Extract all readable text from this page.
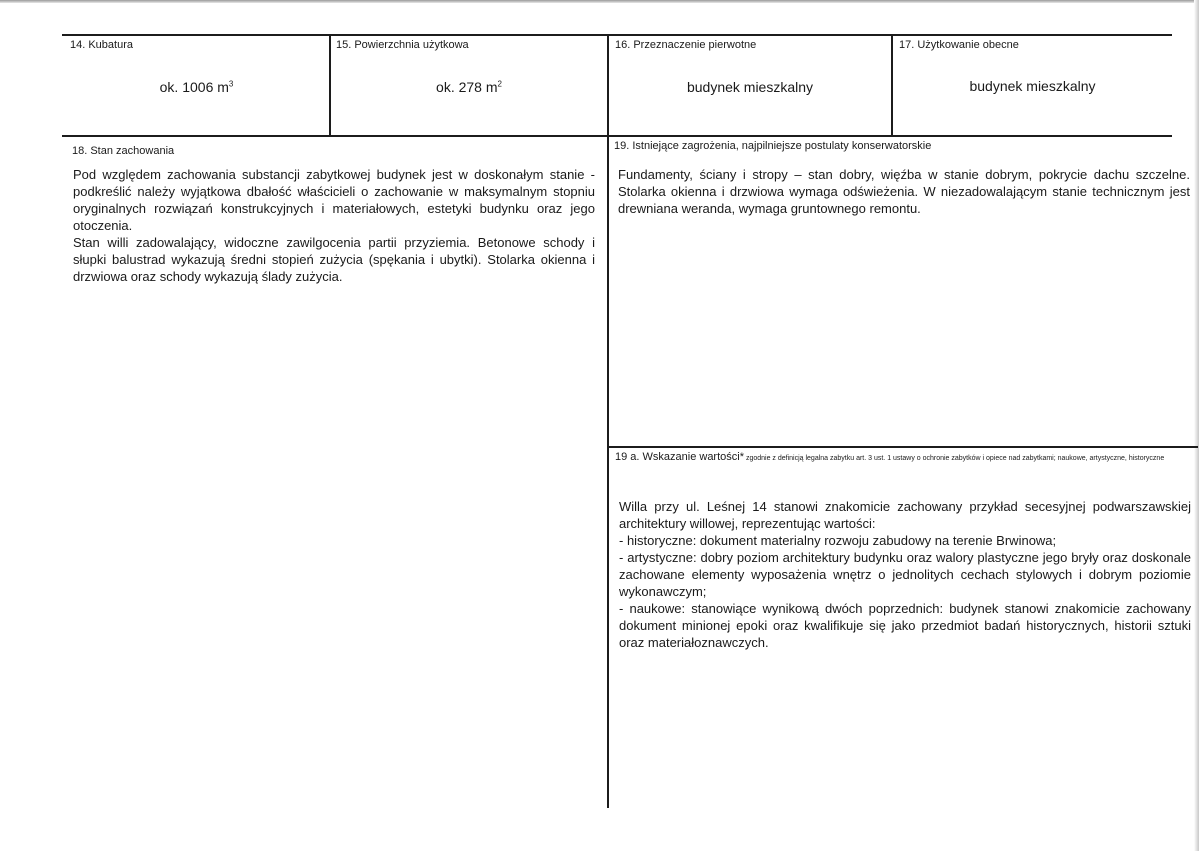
14. Kubatura
ok. 1006 $m^3$
15. Powierzchnia użytkowa
ok. 278 $m^2$
16. Przeznaczenie pierwotne
budynek mieszkalny
17. Użytkowanie obecne
budynek mieszkalny
18. Stan zachowania

Pod względem zachowania substancji zabytkowej budynek jest w doskonałym stanie - podkreślić należy wyjątkowa dbałość właścicieli o zachowanie w maksymalnym stopniu oryginalnych rozwiązań konstrukcyjnych i materiałowych, estetyki budynku oraz jego otoczenia.

Stan willi zadowalający, widoczne zawilgocenia partii przyziemia. Betonowe schody i słupki balustrad wykazują średni stopień zużycia (spękania i ubytki). Stolarka okienna i drzwiowa oraz schody wykazują ślady zużycia.

19. Istniejące zagrożenia, najpilniejsze postulaty konserwatorskie

Fundamenty, ściany i stropy – stan dobry, więźba w stanie dobrym, pokrycie dachu szczelne. Stolarka okienna i drzwiowa wymaga odświeżenia. W niezadowalającym stanie technicznym jest drewniana weranda, wymaga gruntownego remontu.

19 a. Wskazanie wartości* zgodnie z definicją legalna zabytku art. 3 ust. 1 ustawy o ochronie zabytków i opiece nad zabytkami; naukowe, artystyczne, historyczne

Willa przy ul. Leśnej 14 stanowi znakomicie zachowany przykład secesyjnej podwarszawskiej architektury willowej, reprezentując wartości:

- historyczne: dokument materialny rozwoju zabudowy na terenie Brwinowa;

- artystyczne: dobry poziom architektury budynku oraz walory plastyczne jego bryły oraz doskonale zachowane elementy wyposażenia wnętrz o jednolitych cechach stylowych i dobrym poziomie wykonawczym;

- naukowe: stanowiące wynikową dwóch poprzednich: budynek stanowi znakomicie zachowany dokument minionej epoki oraz kwalifikuje się jako przedmiot badań historycznych, historii sztuki oraz materiałoznawczych.
